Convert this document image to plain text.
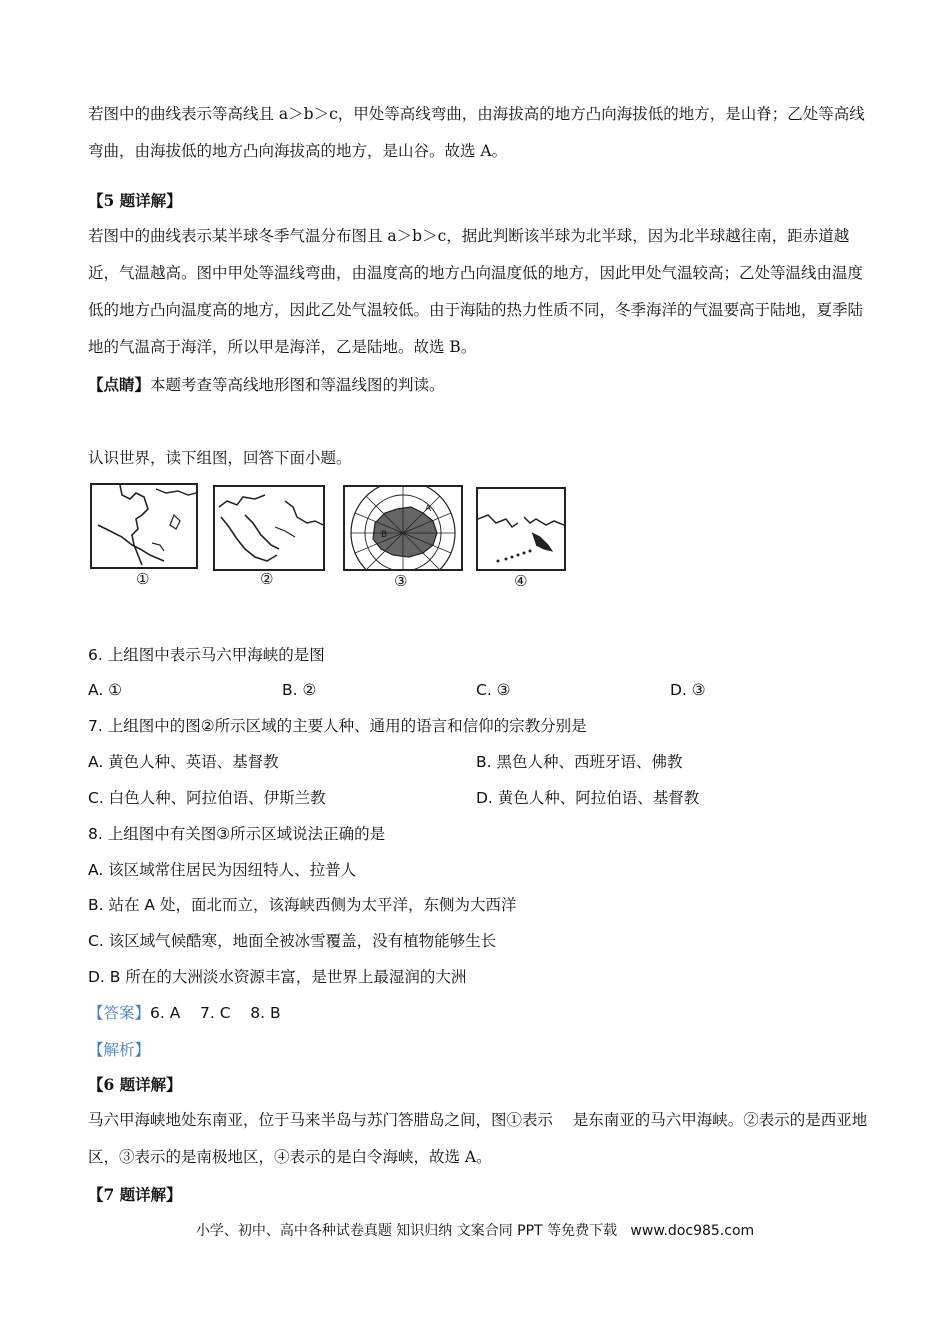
若图中的曲线表示等高线且 a＞b＞c，甲处等高线弯曲，由海拔高的地方凸向海拔低的地方，是山脊；乙处等高线弯曲，由海拔低的地方凸向海拔高的地方，是山谷。故选 A。

【5 题详解】

若图中的曲线表示某半球冬季气温分布图且 a＞b＞c，据此判断该半球为北半球，因为北半球越往南，距赤道越近，气温越高。图中甲处等温线弯曲，由温度高的地方凸向温度低的地方，因此甲处气温较高；乙处等温线由温度低的地方凸向温度高的地方，因此乙处气温较低。由于海陆的热力性质不同，冬季海洋的气温要高于陆地，夏季陆地的气温高于海洋，所以甲是海洋，乙是陆地。故选 B。

【点睛】本题考查等高线地形图和等温线图的判读。

认识世界，读下组图，回答下面小题。

①	②
A
B
③	④
6. 上组图中表示马六甲海峡的是图
A. ①	B. ②	C. ③	D. ③
7. 上组图中的图②所示区域的主要人种、通用的语言和信仰的宗教分别是
A. 黄色人种、英语、基督教	B. 黑色人种、西班牙语、佛教
C. 白色人种、阿拉伯语、伊斯兰教	D. 黄色人种、阿拉伯语、基督教
8. 上组图中有关图③所示区域说法正确的是
A. 该区域常住居民为因纽特人、拉普人
B. 站在 A 处，面北而立，该海峡西侧为太平洋，东侧为大西洋
C. 该区域气候酷寒，地面全被冰雪覆盖，没有植物能够生长
D. B 所在的大洲淡水资源丰富，是世界上最湿润的大洲
【答案】6. A    7. C    8. B
【解析】

【6 题详解】

马六甲海峡地处东南亚，位于马来半岛与苏门答腊岛之间，图①表示    是东南亚的马六甲海峡。②表示的是西亚地区，③表示的是南极地区，④表示的是白令海峡，故选 A。

【7 题详解】

小学、初中、高中各种试卷真题 知识归纳 文案合同 PPT 等免费下载   www.doc985.com
